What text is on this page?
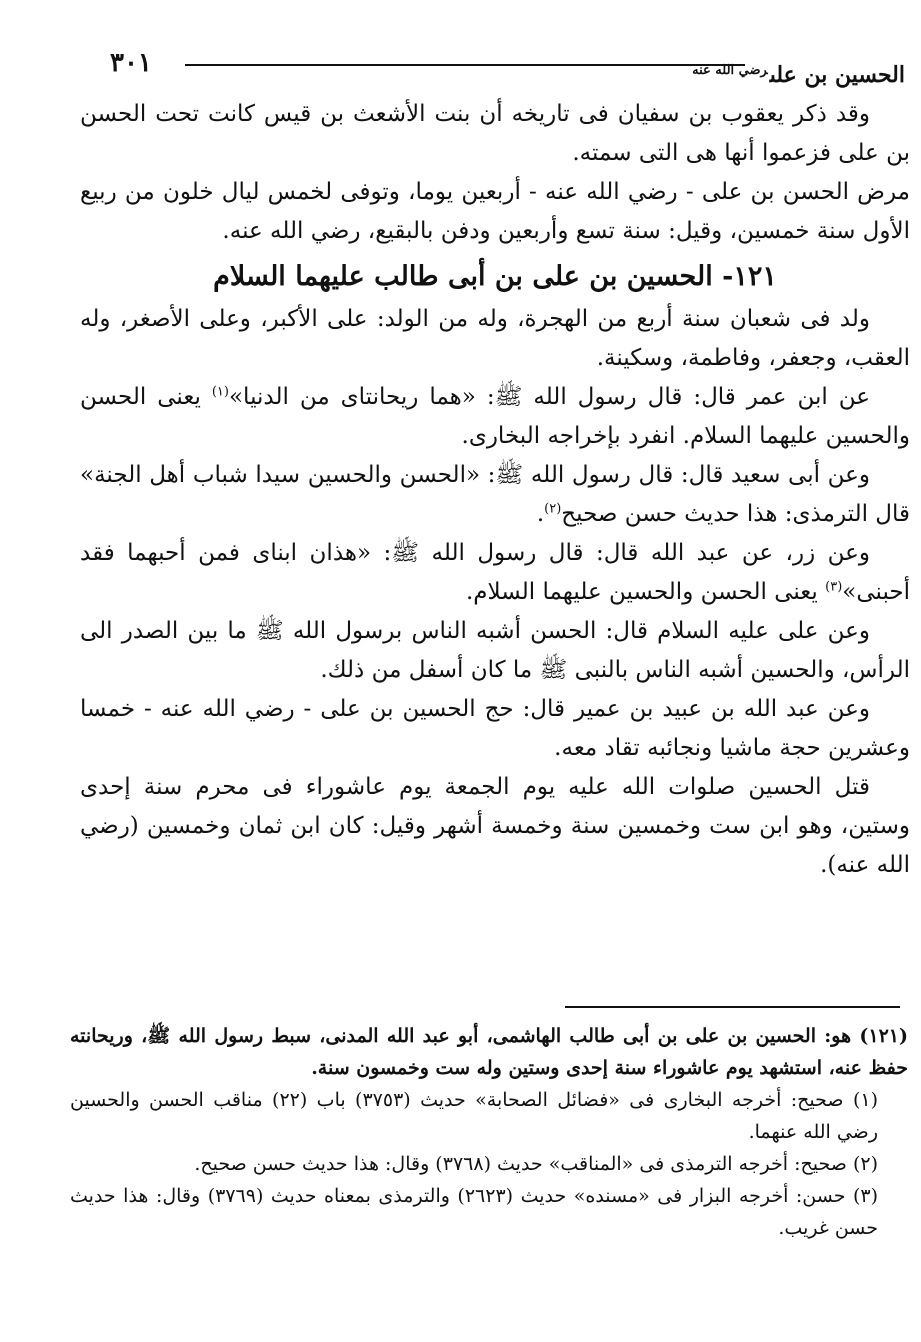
٣٠١	الحسين بن على$^{رضي الله عنه}$

وقد ذكر يعقوب بن سفيان فى تاريخه أن بنت الأشعث بن قيس كانت تحت الحسن بن على فزعموا أنها هى التى سمته.

مرض الحسن بن على - رضي الله عنه - أربعين يوما، وتوفى لخمس ليال خلون من ربيع الأول سنة خمسين، وقيل: سنة تسع وأربعين ودفن بالبقيع، رضي الله عنه.

١٢١- الحسين بن على بن أبى طالب عليهما السلام

ولد فى شعبان سنة أربع من الهجرة، وله من الولد: على الأكبر، وعلى الأصغر، وله العقب، وجعفر، وفاطمة، وسكينة.

عن ابن عمر قال: قال رسول الله ﷺ: «هما ريحانتاى من الدنيا»$^{(١)}$ يعنى الحسن والحسين عليهما السلام. انفرد بإخراجه البخارى.

وعن أبى سعيد قال: قال رسول الله ﷺ: «الحسن والحسين سيدا شباب أهل الجنة» قال الترمذى: هذا حديث حسن صحيح$^{(٢)}$.

وعن زر، عن عبد الله قال: قال رسول الله ﷺ: «هذان ابناى فمن أحبهما فقد أحبنى»$^{(٣)}$ يعنى الحسن والحسين عليهما السلام.

وعن على عليه السلام قال: الحسن أشبه الناس برسول الله ﷺ ما بين الصدر الى الرأس، والحسين أشبه الناس بالنبى ﷺ ما كان أسفل من ذلك.

وعن عبد الله بن عبيد بن عمير قال: حج الحسين بن على - رضي الله عنه - خمسا وعشرين حجة ماشيا ونجائبه تقاد معه.

قتل الحسين صلوات الله عليه يوم الجمعة يوم عاشوراء فى محرم سنة إحدى وستين، وهو ابن ست وخمسين سنة وخمسة أشهر وقيل: كان ابن ثمان وخمسين (رضي الله عنه).

(١٢١) هو: الحسين بن على بن أبى طالب الهاشمى، أبو عبد الله المدنى، سبط رسول الله ﷺ، وريحانته حفظ عنه، استشهد يوم عاشوراء سنة إحدى وستين وله ست وخمسون سنة.

(١) صحيح: أخرجه البخارى فى «فضائل الصحابة» حديث (٣٧٥٣) باب (٢٢) مناقب الحسن والحسين رضي الله عنهما.

(٢) صحيح: أخرجه الترمذى فى «المناقب» حديث (٣٧٦٨) وقال: هذا حديث حسن صحيح.

(٣) حسن: أخرجه البزار فى «مسنده» حديث (٢٦٢٣) والترمذى بمعناه حديث (٣٧٦٩) وقال: هذا حديث حسن غريب.
